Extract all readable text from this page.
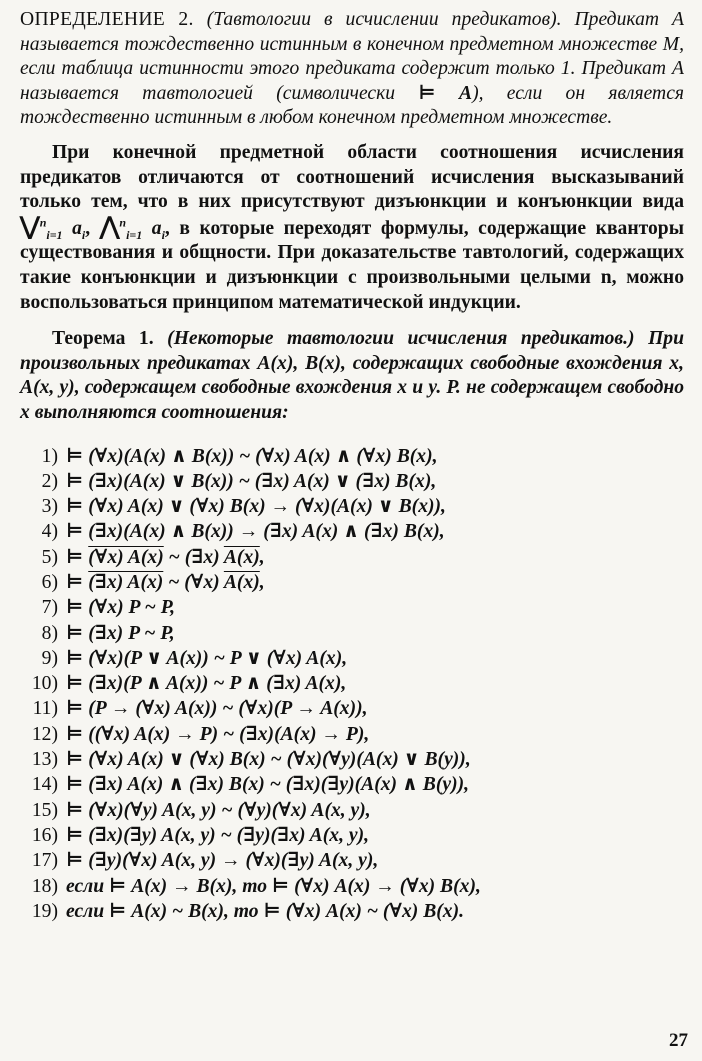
ОПРЕДЕЛЕНИЕ 2. (Тавтологии в исчислении предикатов). Предикат A называется тождественно истинным в конечном предметном множестве M, если таблица истинности этого предиката содержит только 1. Предикат A называется тавтологией (символически ⊨ A), если он является тождественно истинным в любом конечном предметном множестве.

При конечной предметной области соотношения исчисления предикатов отличаются от соотношений исчисления высказываний только тем, что в них присутствуют дизъюнкции и конъюнкции вида ⋁$^n_{i=1}$ $a_i$, ⋀$^n_{i=1}$ $a_i$, в которые переходят формулы, содержащие кванторы существования и общности. При доказательстве тавтологий, содержащих такие конъюнкции и дизъюнкции с произвольными целыми n, можно воспользоваться принципом математической индукции.

Теорема 1. (Некоторые тавтологии исчисления предикатов.) При произвольных предикатах A(x), B(x), содержащих свободные вхождения x, A(x, y), содержащем свободные вхождения x и y. P. не содержащем свободно x выполняются соотношения:

1) ⊨ (∀x)(A(x) ∧ B(x)) ~ (∀x) A(x) ∧ (∀x) B(x),
2) ⊨ (∃x)(A(x) ∨ B(x)) ~ (∃x) A(x) ∨ (∃x) B(x),
3) ⊨ (∀x) A(x) ∨ (∀x) B(x) → (∀x)(A(x) ∨ B(x)),
4) ⊨ (∃x)(A(x) ∧ B(x)) → (∃x) A(x) ∧ (∃x) B(x),
5) ⊨ (∀x) A(x) ~ (∃x) A(x),
6) ⊨ (∃x) A(x) ~ (∀x) A(x),
7) ⊨ (∀x) P ~ P,
8) ⊨ (∃x) P ~ P,
9) ⊨ (∀x)(P ∨ A(x)) ~ P ∨ (∀x) A(x),
10) ⊨ (∃x)(P ∧ A(x)) ~ P ∧ (∃x) A(x),
11) ⊨ (P → (∀x) A(x)) ~ (∀x)(P → A(x)),
12) ⊨ ((∀x) A(x) → P) ~ (∃x)(A(x) → P),
13) ⊨ (∀x) A(x) ∨ (∀x) B(x) ~ (∀x)(∀y)(A(x) ∨ B(y)),
14) ⊨ (∃x) A(x) ∧ (∃x) B(x) ~ (∃x)(∃y)(A(x) ∧ B(y)),
15) ⊨ (∀x)(∀y) A(x, y) ~ (∀y)(∀x) A(x, y),
16) ⊨ (∃x)(∃y) A(x, y) ~ (∃y)(∃x) A(x, y),
17) ⊨ (∃y)(∀x) A(x, y) → (∀x)(∃y) A(x, y),
18) если ⊨ A(x) → B(x), то ⊨ (∀x) A(x) → (∀x) B(x),
19) если ⊨ A(x) ~ B(x), то ⊨ (∀x) A(x) ~ (∀x) B(x).
27
